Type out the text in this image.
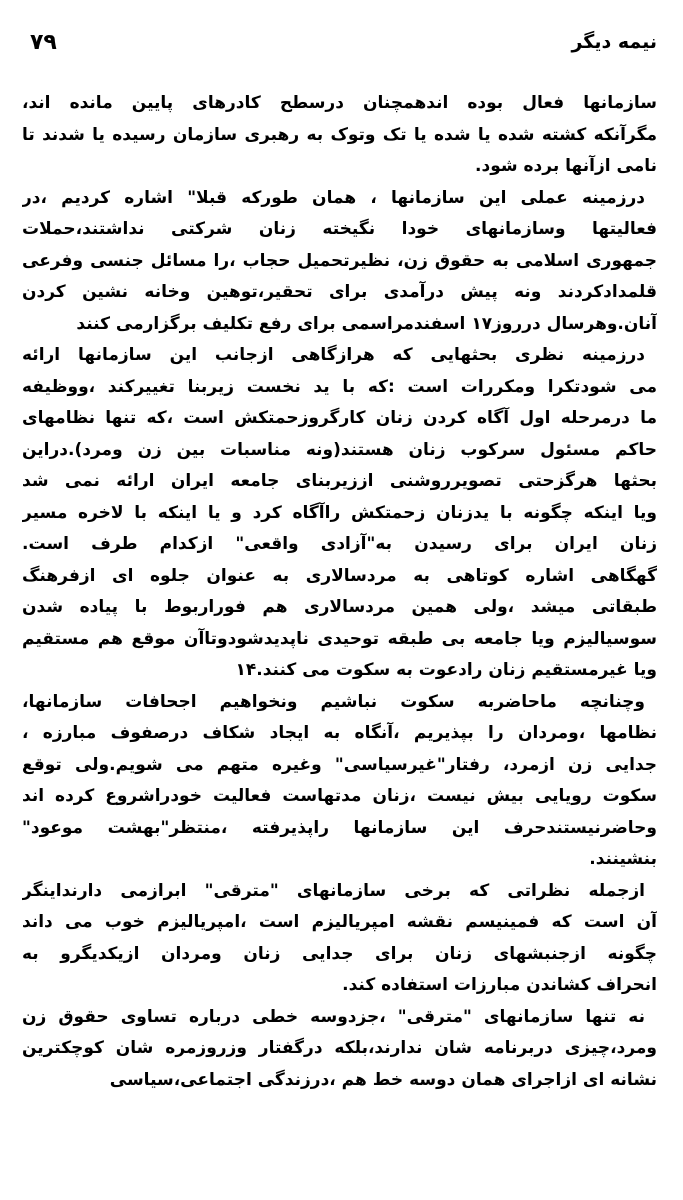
۷۹	نیمه دیگر
سازمانها فعال بوده اندهمچنان درسطح کادرهای پایین مانده اند،
مگرآنکه کشته شده یا شده یا تک وتوک به رهبری سازمان رسیده یا شدند تا
نامی ازآنها برده شود.
درزمینه عملی این سازمانها ، همان طورکه قبلا" اشاره کردیم ،در
فعالیتها وسازمانهای خودا نگیخته زنان شرکتی نداشتند،حملات
جمهوری اسلامی به حقوق زن، نظیرتحمیل حجاب ،را مسائل جنسی وفرعی
قلمدادکردند ونه پیش درآمدی برای تحقیر،توهین وخانه نشین کردن
آنان.وهرسال درروز۱۷ اسفندمراسمی برای رفع تکلیف برگزارمی کنند
درزمینه نظری بحثهایی که هرازگاهی ازجانب این سازمانها ارائه
می شودتکرا ومکررات است :که با ید نخست زیربنا تغییرکند ،ووظیفه
ما درمرحله اول آگاه کردن زنان کارگروزحمتکش است ،که تنها نظامهای
حاکم مسئول سرکوب زنان هستند(ونه مناسبات بین زن ومرد).دراین
بحثها هرگزحتی تصویرروشنی اززیربنای جامعه ایران ارائه نمی شد
ویا اینکه چگونه با یدزنان زحمتکش راآگاه کرد و یا اینکه با لاخره مسیر
زنان ایران برای رسیدن به"آزادی واقعی" ازکدام طرف است.
گهگاهی اشاره کوتاهی به مردسالاری به عنوان جلوه ای ازفرهنگ
طبقاتی میشد ،ولی همین مردسالاری هم فوراربوط با پیاده شدن
سوسیالیزم ویا جامعه بی طبقه توحیدی ناپدیدشودوتاآن موقع هم مستقیم
ویا غیرمستقیم زنان رادعوت به سکوت می کنند.۱۴
وچنانچه ماحاضربه سکوت نباشیم ونخواهیم اجحافات سازمانها،
نظامها ،ومردان را بپذیریم ،آنگاه به ایجاد شکاف درصفوف مبارزه ،
جدایی زن ازمرد، رفتار"غیرسیاسی" وغیره متهم می شویم.ولی توقع
سکوت رویایی بیش نیست ،زنان مدتهاست فعالیت خودراشروع کرده اند
وحاضرنیستندحرف این سازمانها راپذیرفته ،منتظر"بهشت موعود"
بنشینند.
ازجمله نظراتی که برخی سازمانهای "مترقی" ابرازمی دارنداینگر
آن است که فمینیسم نقشه امپریالیزم است ،امپریالیزم خوب می داند
چگونه ازجنبشهای زنان برای جدایی زنان ومردان ازیکدیگرو به
انحراف کشاندن مبارزات استفاده کند.
نه تنها سازمانهای "مترقی" ،جزدوسه خطی درباره تساوی حقوق زن
ومرد،چیزی دربرنامه شان ندارند،بلکه درگفتار وزروزمره شان کوچکترین
نشانه ای ازاجرای همان دوسه خط هم ،درزندگی اجتماعی،سیاسی
